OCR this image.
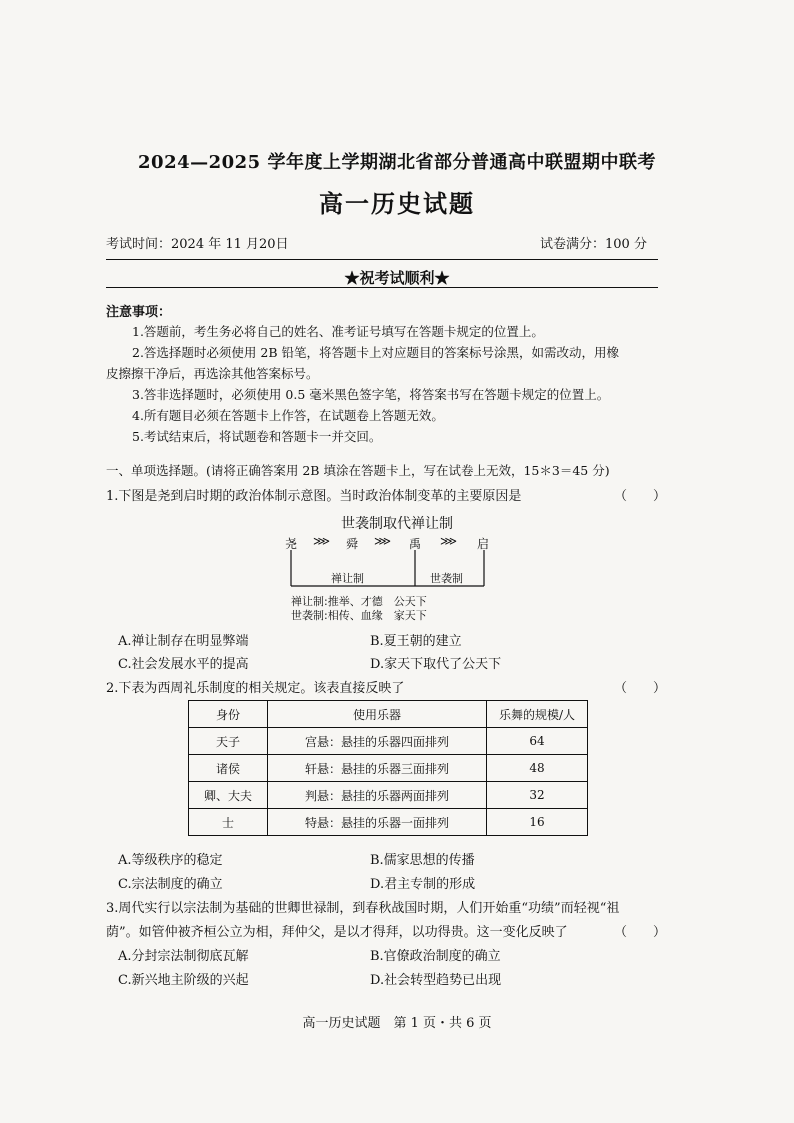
2024—2025 学年度上学期湖北省部分普通高中联盟期中联考
高一历史试题
考试时间：2024 年 11 月20日	试卷满分：100 分
★祝考试顺利★
注意事项：
1.答题前，考生务必将自己的姓名、准考证号填写在答题卡规定的位置上。
2.答选择题时必须使用 2B 铅笔，将答题卡上对应题目的答案标号涂黑，如需改动，用橡
皮擦擦干净后，再选涂其他答案标号。
3.答非选择题时，必须使用 0.5 毫米黑色签字笔，将答案书写在答题卡规定的位置上。
4.所有题目必须在答题卡上作答，在试题卷上答题无效。
5.考试结束后，将试题卷和答题卡一并交回。
一、单项选择题。(请将正确答案用 2B 填涂在答题卡上，写在试卷上无效，15＊3＝45 分)
1.下图是尧到启时期的政治体制示意图。当时政治体制变革的主要原因是	（　　）
世袭制取代禅让制
尧 ⋙ 舜 ⋙ 禹 ⋙ 启
禅让制	世袭制
禅让制:推举、才德　公天下
世袭制:相传、血缘　家天下
A.禅让制存在明显弊端	B.夏王朝的建立
C.社会发展水平的提高	D.家天下取代了公天下
2.下表为西周礼乐制度的相关规定。该表直接反映了	（　　）
身份	使用乐器	乐舞的规模/人
天子	宫悬：悬挂的乐器四面排列	64
诸侯	轩悬：悬挂的乐器三面排列	48
卿、大夫	判悬：悬挂的乐器两面排列	32
士	特悬：悬挂的乐器一面排列	16
A.等级秩序的稳定	B.儒家思想的传播
C.宗法制度的确立	D.君主专制的形成
3.周代实行以宗法制为基础的世卿世禄制，到春秋战国时期，人们开始重“功绩”而轻视“祖
荫”。如管仲被齐桓公立为相，拜仲父，是以才得拜，以功得贵。这一变化反映了	（　　）
A.分封宗法制彻底瓦解	B.官僚政治制度的确立
C.新兴地主阶级的兴起	D.社会转型趋势已出现
高一历史试题　第 1 页・共 6 页
